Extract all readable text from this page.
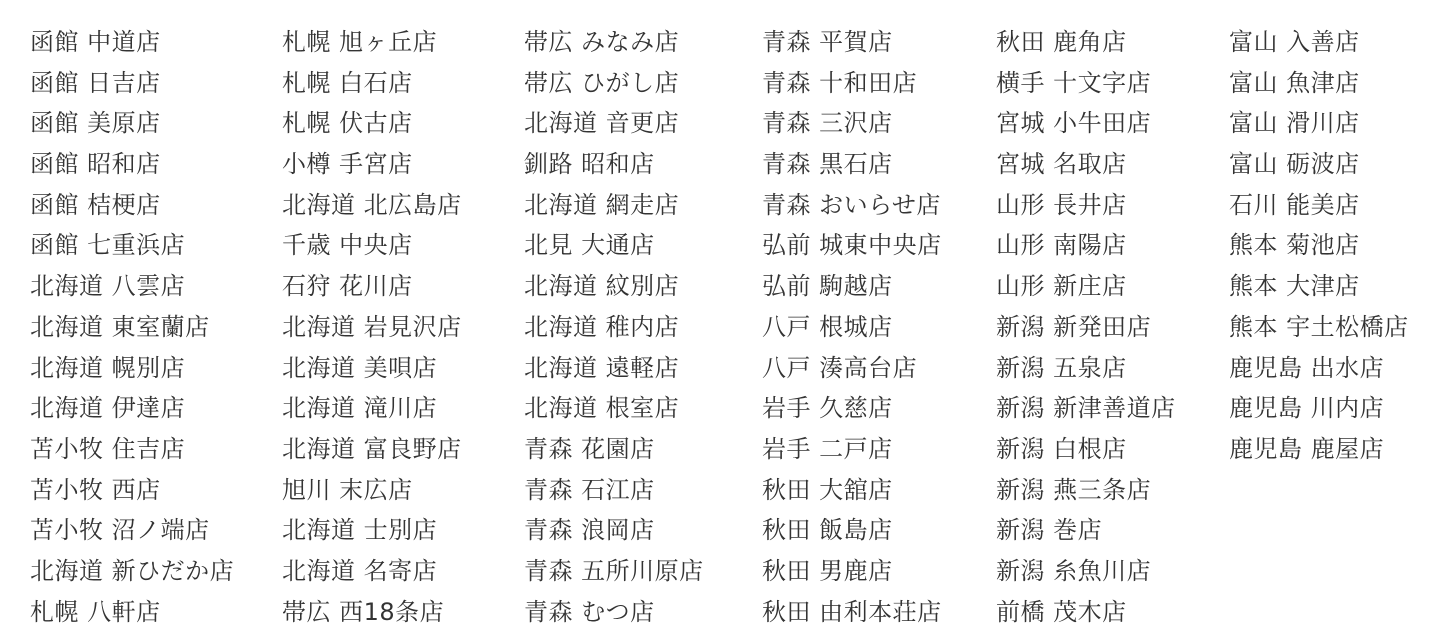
函館 中道店
函館 日吉店
函館 美原店
函館 昭和店
函館 桔梗店
函館 七重浜店
北海道 八雲店
北海道 東室蘭店
北海道 幌別店
北海道 伊達店
苫小牧 住吉店
苫小牧 西店
苫小牧 沼ノ端店
北海道 新ひだか店
札幌 八軒店
札幌 旭ヶ丘店
札幌 白石店
札幌 伏古店
小樽 手宮店
北海道 北広島店
千歳 中央店
石狩 花川店
北海道 岩見沢店
北海道 美唄店
北海道 滝川店
北海道 富良野店
旭川 末広店
北海道 士別店
北海道 名寄店
帯広 西18条店
帯広 みなみ店
帯広 ひがし店
北海道 音更店
釧路 昭和店
北海道 網走店
北見 大通店
北海道 紋別店
北海道 稚内店
北海道 遠軽店
北海道 根室店
青森 花園店
青森 石江店
青森 浪岡店
青森 五所川原店
青森 むつ店
青森 平賀店
青森 十和田店
青森 三沢店
青森 黒石店
青森 おいらせ店
弘前 城東中央店
弘前 駒越店
八戸 根城店
八戸 湊高台店
岩手 久慈店
岩手 二戸店
秋田 大舘店
秋田 飯島店
秋田 男鹿店
秋田 由利本荘店
秋田 鹿角店
横手 十文字店
宮城 小牛田店
宮城 名取店
山形 長井店
山形 南陽店
山形 新庄店
新潟 新発田店
新潟 五泉店
新潟 新津善道店
新潟 白根店
新潟 燕三条店
新潟 巻店
新潟 糸魚川店
前橋 茂木店
富山 入善店
富山 魚津店
富山 滑川店
富山 砺波店
石川 能美店
熊本 菊池店
熊本 大津店
熊本 宇土松橋店
鹿児島 出水店
鹿児島 川内店
鹿児島 鹿屋店
